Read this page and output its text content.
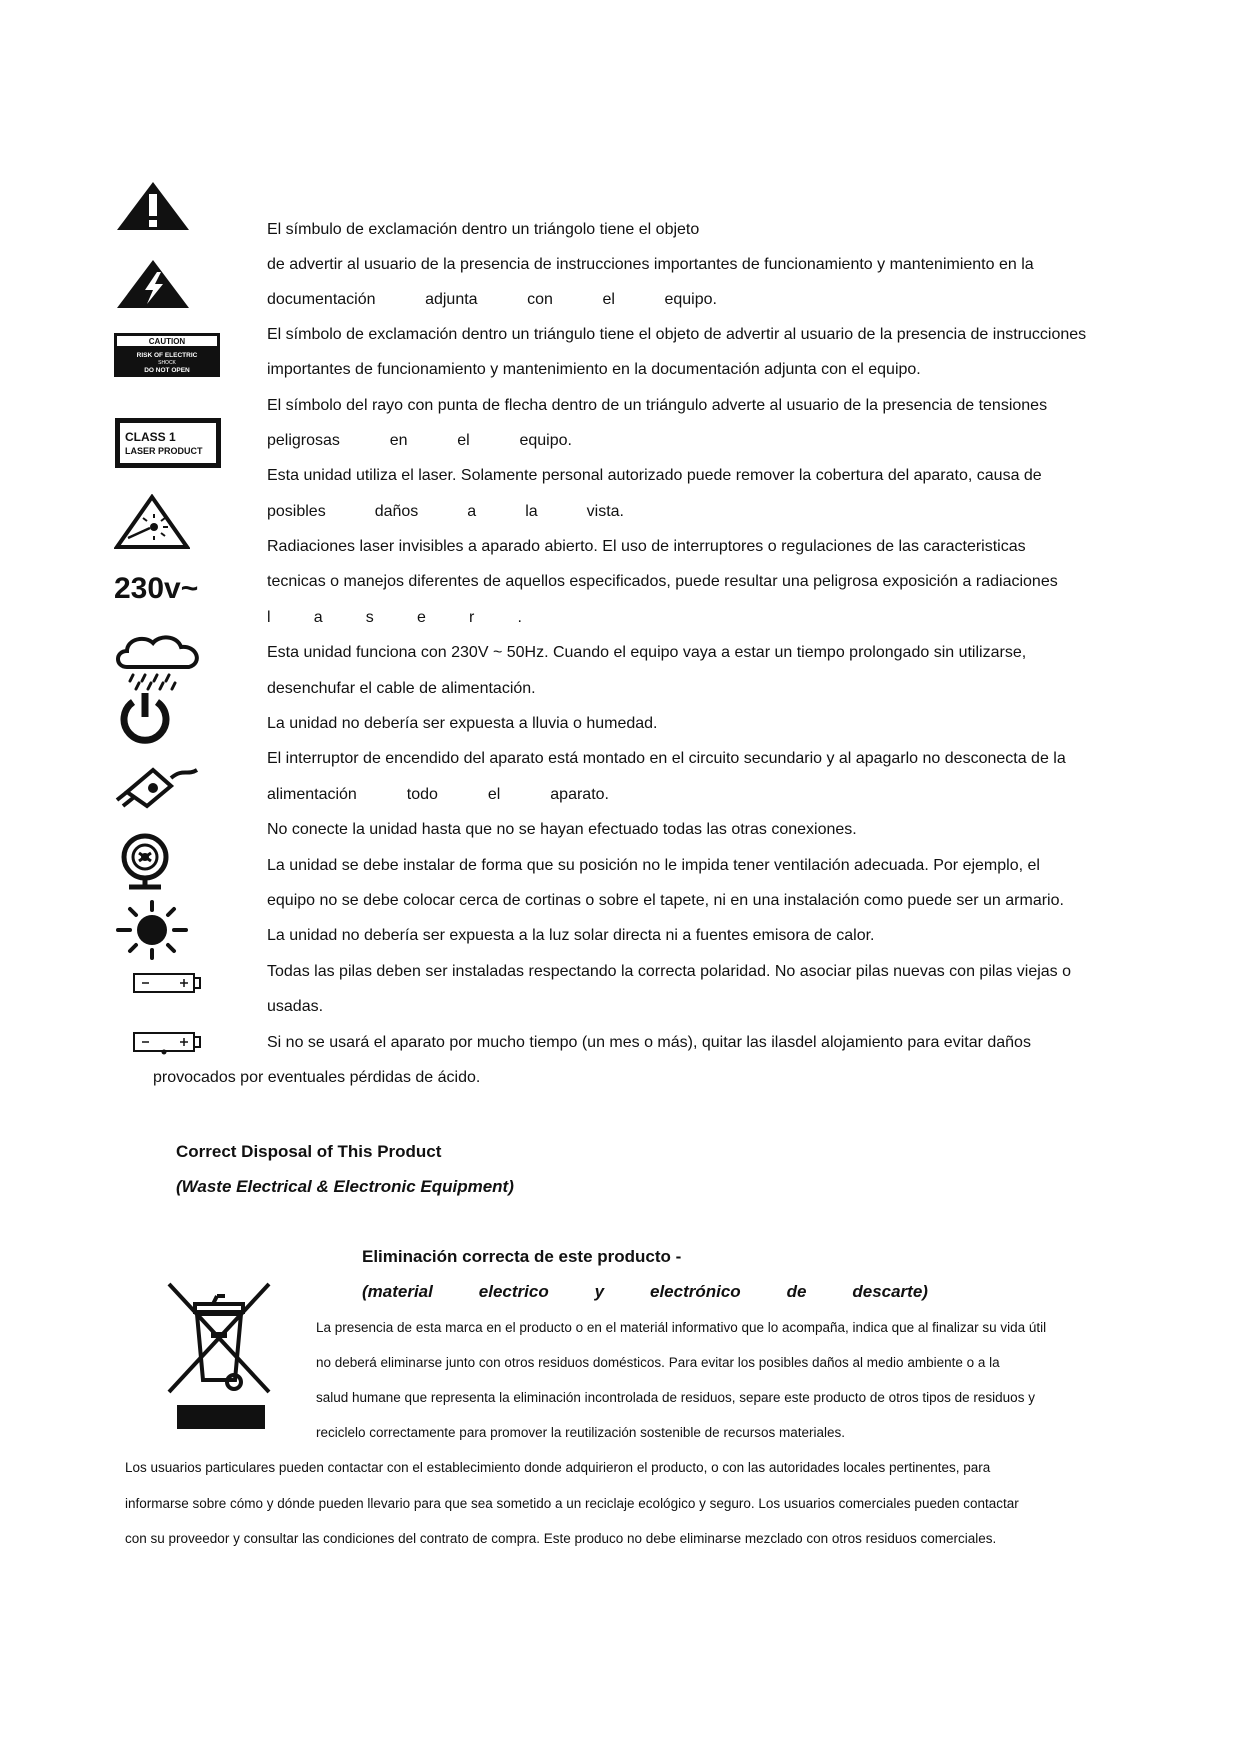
CAUTION
RISK OF ELECTRIC
SHOCK
DO NOT OPEN
CLASS 1
LASER PRODUCT
230v~
El símbulo de exclamación dentro un triángolo tiene el objeto
de advertir al usuario de la presencia de instrucciones importantes de funcionamiento y mantenimiento en la
documentación	adjunta	con	el	equipo.
El símbolo de exclamación dentro un triángulo tiene el objeto de advertir al usuario de la presencia de instrucciones
importantes de funcionamiento y mantenimiento en la documentación adjunta con el equipo.
El símbolo del rayo con punta de flecha dentro de un triángulo adverte al usuario de la presencia de tensiones
peligrosas	en	el	equipo.
Esta unidad utiliza el laser. Solamente personal autorizado puede remover la cobertura del aparato, causa de
posibles	daños	a	la	vista.
Radiaciones laser invisibles a aparado abierto. El uso de interruptores o regulaciones de las caracteristicas
tecnicas o manejos diferentes de aquellos especificados, puede resultar una peligrosa exposición a radiaciones
l	a	s	e	r	.
Esta unidad funciona con 230V ~ 50Hz. Cuando el equipo vaya a estar un tiempo prolongado sin utilizarse,
desenchufar el cable de alimentación.
La unidad no debería ser expuesta a lluvia o humedad.
El interruptor de encendido del aparato está montado en el circuito secundario y al apagarlo no desconecta de la
alimentación	todo	el	aparato.
No conecte la unidad hasta que no se hayan efectuado todas las otras conexiones.
La unidad se debe instalar de forma que su posición no le impida tener ventilación adecuada. Por ejemplo, el
equipo no se debe colocar cerca de cortinas o sobre el tapete, ni en una instalación como puede ser un armario.
La unidad no debería ser expuesta a la luz solar directa ni a fuentes emisora de calor.
Todas las pilas deben ser instaladas respectando la correcta polaridad. No asociar pilas nuevas con pilas viejas o
usadas.
Si no se usará el aparato por mucho tiempo (un mes o más), quitar las ilasdel alojamiento para evitar daños
provocados por eventuales pérdidas de ácido.
Correct Disposal of This Product
(Waste Electrical & Electronic Equipment)
Eliminación correcta de este producto -
(material	electrico	y	electrónico	de	descarte)
La presencia de esta marca en el producto o en el materiál informativo que lo acompaña, indica que al finalizar su vida útil
no deberá eliminarse junto con otros residuos domésticos. Para evitar los posibles daños al medio ambiente o a la
salud humane que representa la eliminación incontrolada de residuos, separe este producto de otros tipos de residuos y
reciclelo correctamente para promover la reutilización sostenible de recursos materiales.
Los usuarios particulares pueden contactar con el establecimiento donde adquirieron el producto, o con las autoridades locales pertinentes, para
informarse sobre cómo y dónde pueden llevario para que sea sometido a un reciclaje ecológico y seguro. Los usuarios comerciales pueden contactar
con su proveedor y consultar las condiciones del contrato de compra. Este produco no debe eliminarse mezclado con otros residuos comerciales.
